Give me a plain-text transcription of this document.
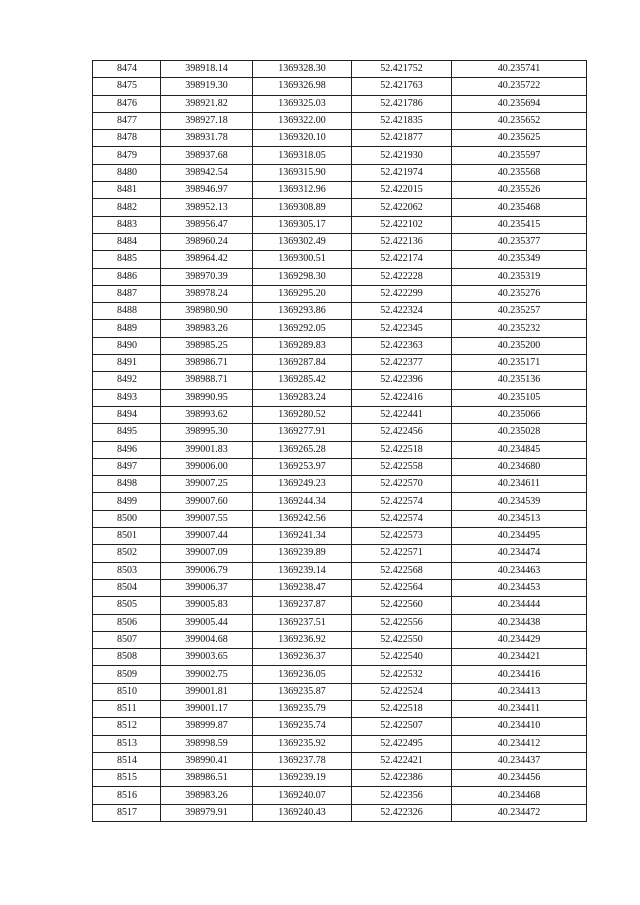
8474	398918.14	1369328.30	52.421752	40.235741
8475	398919.30	1369326.98	52.421763	40.235722
8476	398921.82	1369325.03	52.421786	40.235694
8477	398927.18	1369322.00	52.421835	40.235652
8478	398931.78	1369320.10	52.421877	40.235625
8479	398937.68	1369318.05	52.421930	40.235597
8480	398942.54	1369315.90	52.421974	40.235568
8481	398946.97	1369312.96	52.422015	40.235526
8482	398952.13	1369308.89	52.422062	40.235468
8483	398956.47	1369305.17	52.422102	40.235415
8484	398960.24	1369302.49	52.422136	40.235377
8485	398964.42	1369300.51	52.422174	40.235349
8486	398970.39	1369298.30	52.422228	40.235319
8487	398978.24	1369295.20	52.422299	40.235276
8488	398980.90	1369293.86	52.422324	40.235257
8489	398983.26	1369292.05	52.422345	40.235232
8490	398985.25	1369289.83	52.422363	40.235200
8491	398986.71	1369287.84	52.422377	40.235171
8492	398988.71	1369285.42	52.422396	40.235136
8493	398990.95	1369283.24	52.422416	40.235105
8494	398993.62	1369280.52	52.422441	40.235066
8495	398995.30	1369277.91	52.422456	40.235028
8496	399001.83	1369265.28	52.422518	40.234845
8497	399006.00	1369253.97	52.422558	40.234680
8498	399007.25	1369249.23	52.422570	40.234611
8499	399007.60	1369244.34	52.422574	40.234539
8500	399007.55	1369242.56	52.422574	40.234513
8501	399007.44	1369241.34	52.422573	40.234495
8502	399007.09	1369239.89	52.422571	40.234474
8503	399006.79	1369239.14	52.422568	40.234463
8504	399006.37	1369238.47	52.422564	40.234453
8505	399005.83	1369237.87	52.422560	40.234444
8506	399005.44	1369237.51	52.422556	40.234438
8507	399004.68	1369236.92	52.422550	40.234429
8508	399003.65	1369236.37	52.422540	40.234421
8509	399002.75	1369236.05	52.422532	40.234416
8510	399001.81	1369235.87	52.422524	40.234413
8511	399001.17	1369235.79	52.422518	40.234411
8512	398999.87	1369235.74	52.422507	40.234410
8513	398998.59	1369235.92	52.422495	40.234412
8514	398990.41	1369237.78	52.422421	40.234437
8515	398986.51	1369239.19	52.422386	40.234456
8516	398983.26	1369240.07	52.422356	40.234468
8517	398979.91	1369240.43	52.422326	40.234472
